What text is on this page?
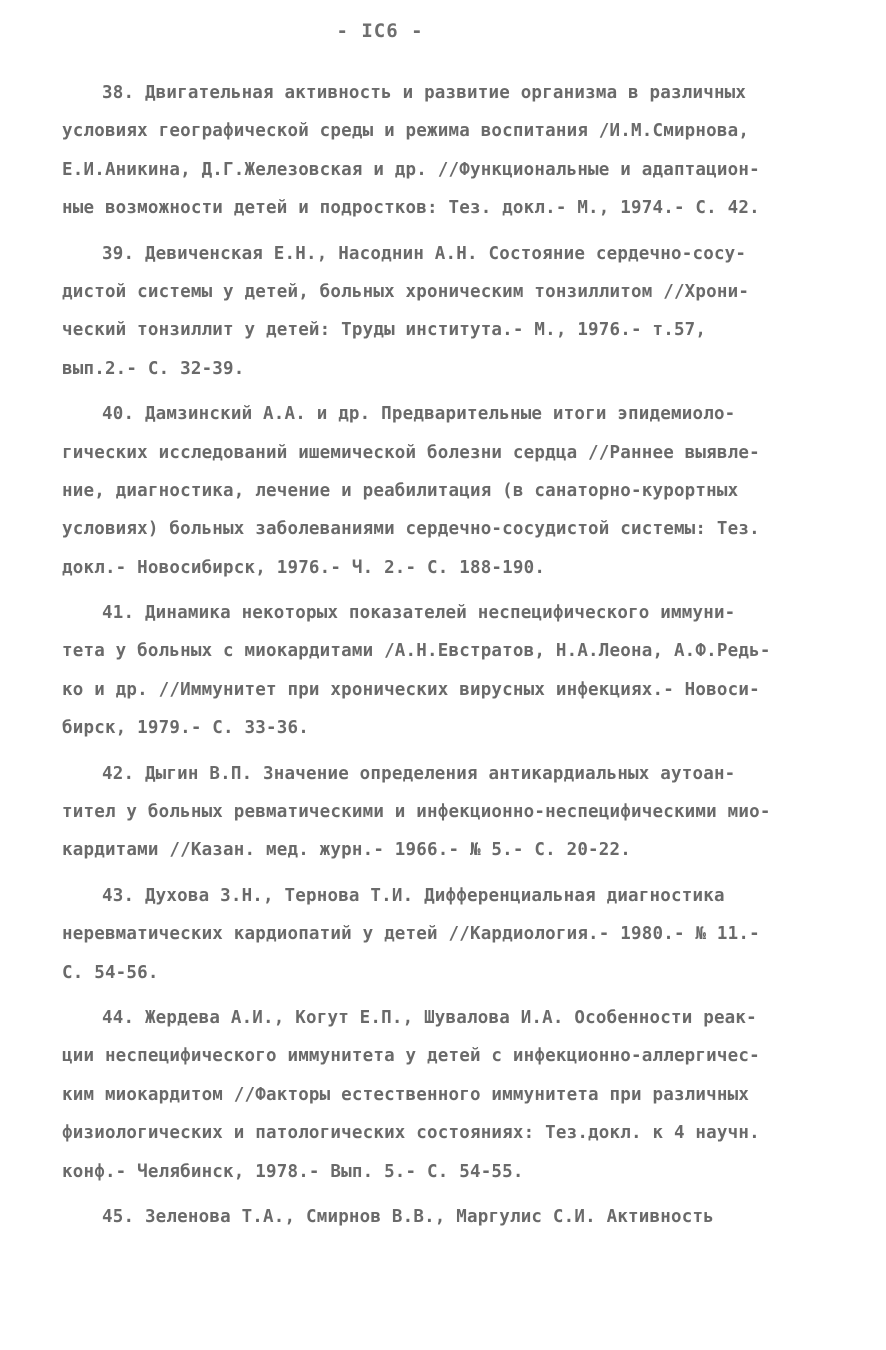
- IC6 -
38. Двигательная активность и развитие организма в различных
условиях географической среды и режима воспитания /И.М.Смирнова,
Е.И.Аникина, Д.Г.Железовская и др. //Функциональные и адаптацион-
ные возможности детей и подростков: Тез. докл.- М., 1974.- С. 42.
39. Девиченская Е.Н., Насоднин А.Н. Состояние сердечно-сосу-
дистой системы у детей, больных хроническим тонзиллитом //Хрони-
ческий тонзиллит у детей: Труды института.- М., 1976.- т.57,
вып.2.- С. 32-39.
40. Дамзинский А.А. и др. Предварительные итоги эпидемиоло-
гических исследований ишемической болезни сердца //Раннее выявле-
ние, диагностика, лечение и реабилитация (в санаторно-курортных
условиях) больных заболеваниями сердечно-сосудистой системы: Тез.
докл.- Новосибирск, 1976.- Ч. 2.- С. 188-190.
41. Динамика некоторых показателей неспецифического иммуни-
тета у больных с миокардитами /А.Н.Евстратов, Н.А.Леона, А.Ф.Редь-
ко и др. //Иммунитет при хронических вирусных инфекциях.- Новоси-
бирск, 1979.- С. 33-36.
42. Дыгин В.П. Значение определения антикардиальных аутоан-
тител у больных ревматическими и инфекционно-неспецифическими мио-
кардитами //Казан. мед. журн.- 1966.- № 5.- С. 20-22.
43. Духова З.Н., Тернова Т.И. Дифференциальная диагностика
неревматических кардиопатий у детей //Кардиология.- 1980.- № 11.-
С. 54-56.
44. Жердева А.И., Когут Е.П., Шувалова И.А. Особенности реак-
ции неспецифического иммунитета у детей с инфекционно-аллергичес-
ким миокардитом //Факторы естественного иммунитета при различных
физиологических и патологических состояниях: Тез.докл. к 4 научн.
конф.- Челябинск, 1978.- Вып. 5.- С. 54-55.
45. Зеленова Т.А., Смирнов В.В., Маргулис С.И. Активность
